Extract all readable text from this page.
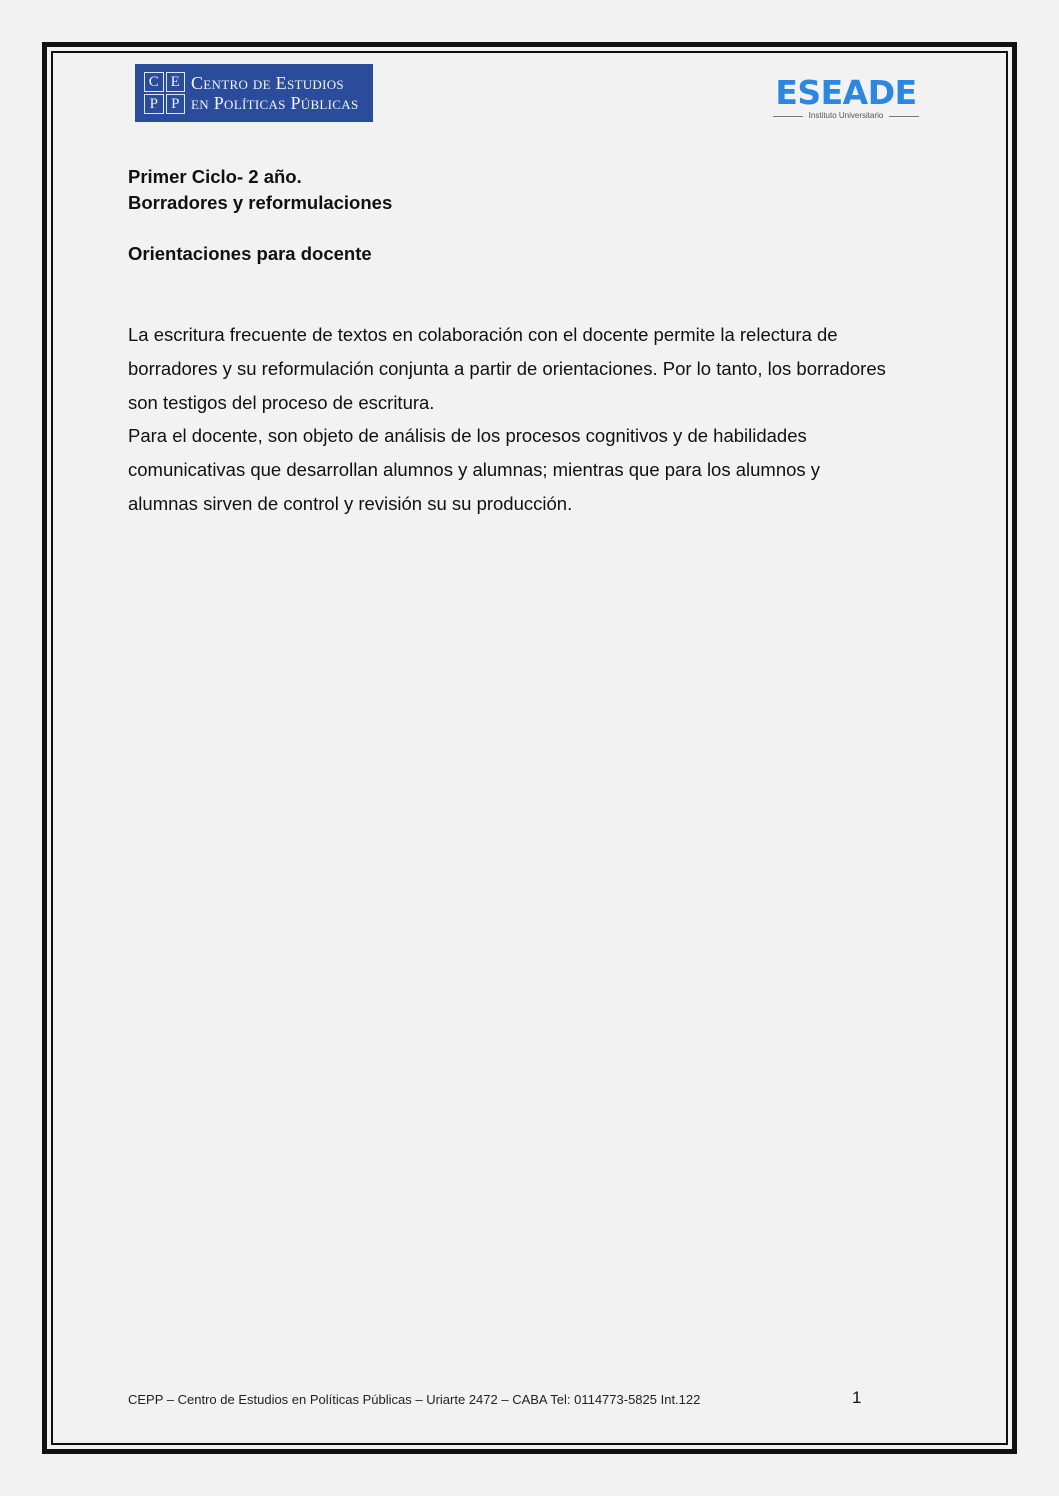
C E
P P
Centro de Estudios
en Políticas Públicas	ESEADE
Instituto Universitario
Primer Ciclo- 2 año.
Borradores y reformulaciones
Orientaciones para docente

La escritura frecuente de textos en colaboración con el docente permite la relectura de

borradores y su reformulación conjunta a partir de orientaciones. Por lo tanto, los borradores

son testigos del proceso de escritura.

Para el docente, son objeto de análisis de los procesos cognitivos y de habilidades

comunicativas que desarrollan alumnos y alumnas; mientras que para los alumnos y

alumnas sirven de control y revisión su su producción.

CEPP – Centro de Estudios en Políticas Públicas – Uriarte 2472 – CABA Tel: 0114773-5825 Int.122	1
